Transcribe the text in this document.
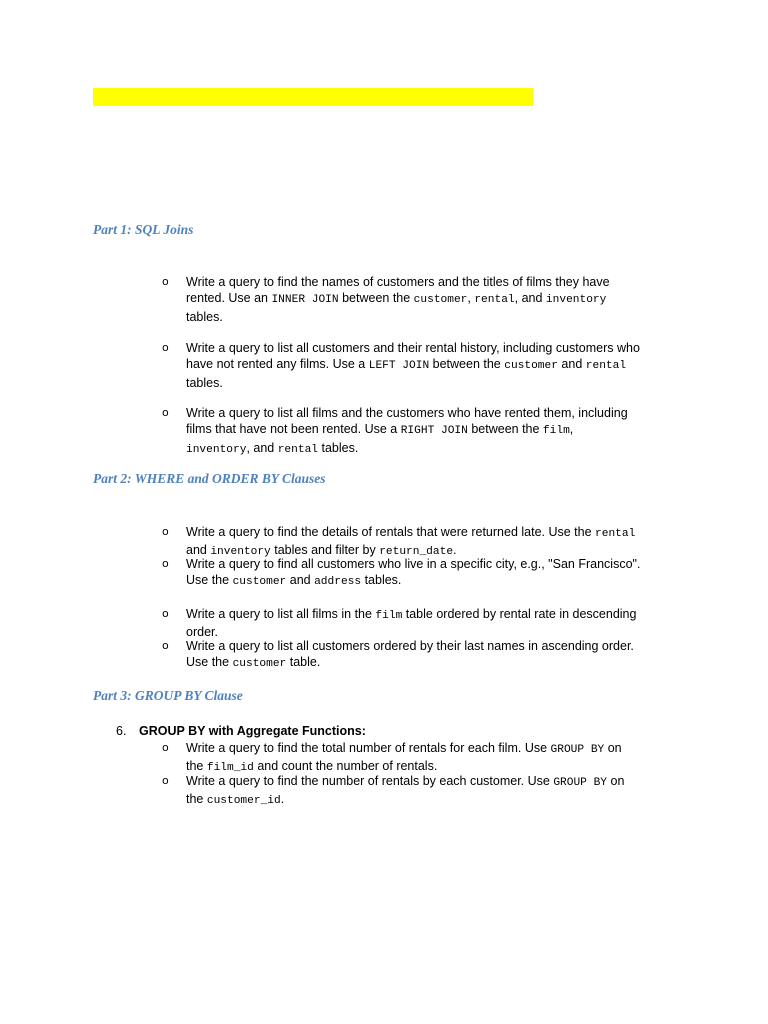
Part 1: SQL Joins
o Write a query to find the names of customers and the titles of films they have
rented. Use an INNER JOIN between the customer, rental, and inventory
tables.
o Write a query to list all customers and their rental history, including customers who
have not rented any films. Use a LEFT JOIN between the customer and rental
tables.
o Write a query to list all films and the customers who have rented them, including
films that have not been rented. Use a RIGHT JOIN between the film,
inventory, and rental tables.
Part 2: WHERE and ORDER BY Clauses
o Write a query to find the details of rentals that were returned late. Use the rental
and inventory tables and filter by return_date.
o Write a query to find all customers who live in a specific city, e.g., "San Francisco".
Use the customer and address tables.
o Write a query to list all films in the film table ordered by rental rate in descending
order.
o Write a query to list all customers ordered by their last names in ascending order.
Use the customer table.
Part 3: GROUP BY Clause
6. GROUP BY with Aggregate Functions:
o Write a query to find the total number of rentals for each film. Use GROUP BY on
the film_id and count the number of rentals.
o Write a query to find the number of rentals by each customer. Use GROUP BY on
the customer_id.
